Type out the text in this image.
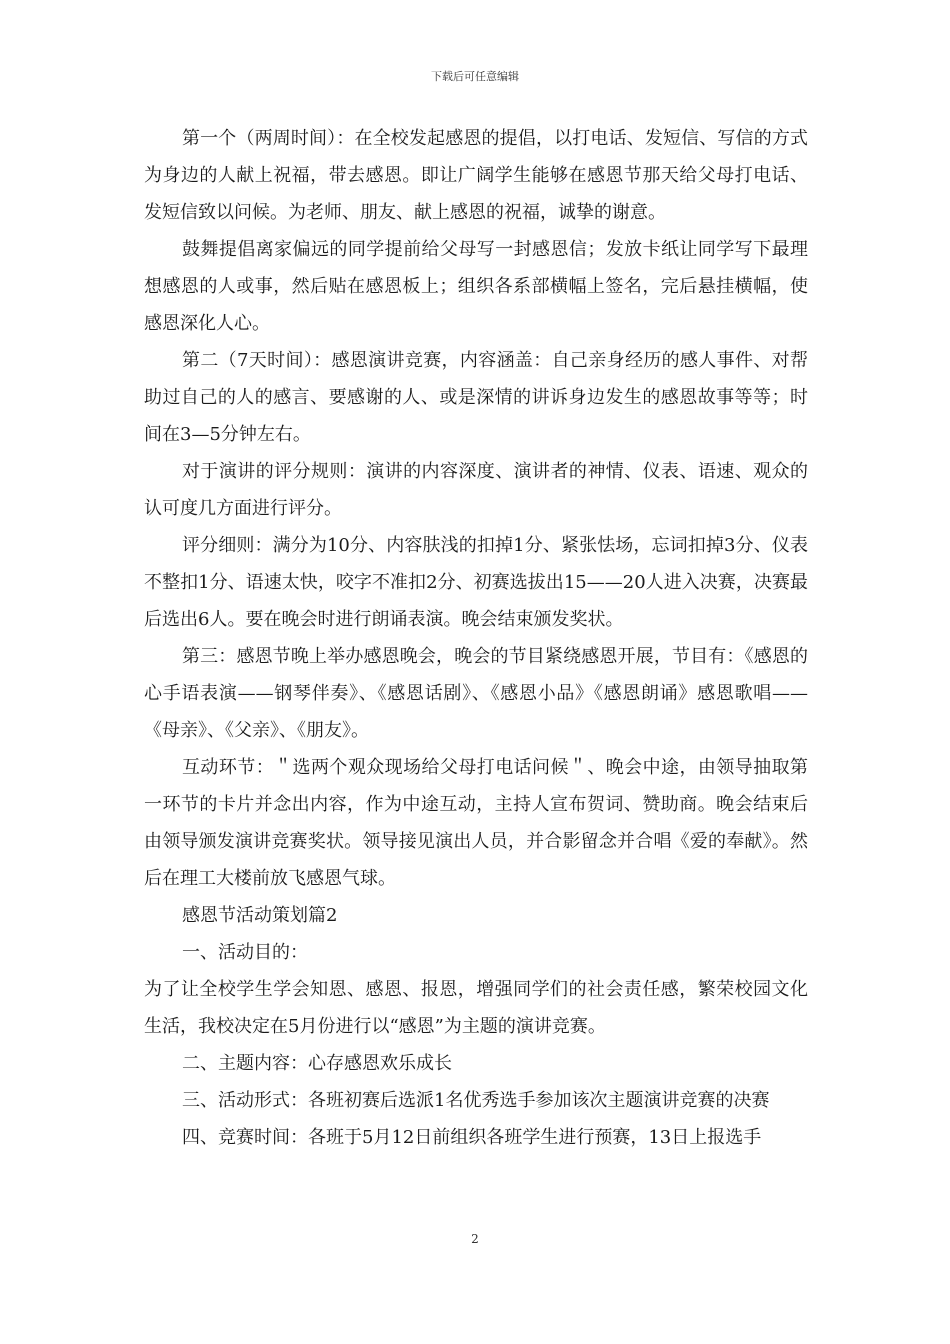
下载后可任意编辑

第一个（两周时间）：在全校发起感恩的提倡，以打电话、发短信、写信的方式为身边的人献上祝福，带去感恩。即让广阔学生能够在感恩节那天给父母打电话、发短信致以问候。为老师、朋友、献上感恩的祝福，诚挚的谢意。

鼓舞提倡离家偏远的同学提前给父母写一封感恩信；发放卡纸让同学写下最理想感恩的人或事，然后贴在感恩板上；组织各系部横幅上签名，完后悬挂横幅，使感恩深化人心。

第二（7天时间）：感恩演讲竞赛，内容涵盖：自己亲身经历的感人事件、对帮助过自己的人的感言、要感谢的人、或是深情的讲诉身边发生的感恩故事等等；时间在3—5分钟左右。

对于演讲的评分规则：演讲的内容深度、演讲者的神情、仪表、语速、观众的认可度几方面进行评分。

评分细则：满分为10分、内容肤浅的扣掉1分、紧张怯场，忘词扣掉3分、仪表不整扣1分、语速太快，咬字不准扣2分、初赛选拔出15——20人进入决赛，决赛最后选出6人。要在晚会时进行朗诵表演。晚会结束颁发奖状。

第三：感恩节晚上举办感恩晚会，晚会的节目紧绕感恩开展，节目有：《感恩的心手语表演——钢琴伴奏》、《感恩话剧》、《感恩小品》《感恩朗诵》感恩歌唱——《母亲》、《父亲》、《朋友》。

互动环节：＂选两个观众现场给父母打电话问候＂、晚会中途，由领导抽取第一环节的卡片并念出内容，作为中途互动，主持人宣布贺词、赞助商。晚会结束后由领导颁发演讲竞赛奖状。领导接见演出人员，并合影留念并合唱《爱的奉献》。然后在理工大楼前放飞感恩气球。

感恩节活动策划篇2

一、活动目的：

为了让全校学生学会知恩、感恩、报恩，增强同学们的社会责任感，繁荣校园文化生活，我校决定在5月份进行以“感恩”为主题的演讲竞赛。

二、主题内容：心存感恩欢乐成长

三、活动形式：各班初赛后选派1名优秀选手参加该次主题演讲竞赛的决赛

四、竞赛时间：各班于5月12日前组织各班学生进行预赛，13日上报选手

2
